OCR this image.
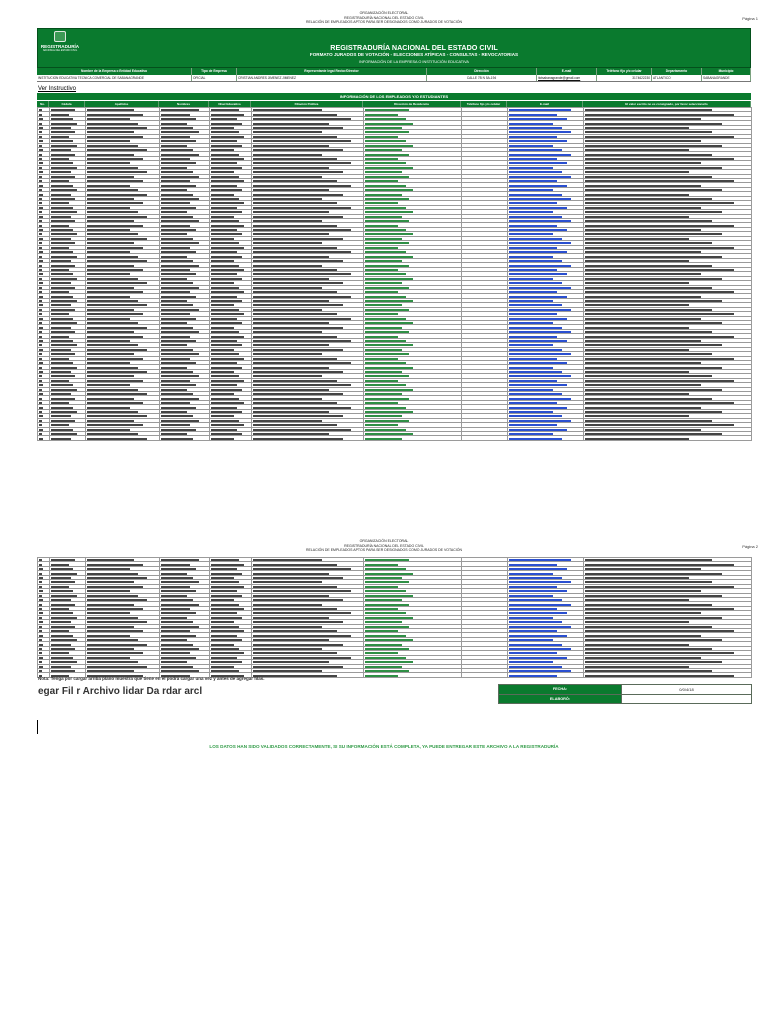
ORGANIZACIÓN ELECTORAL
REGISTRADURÍA NACIONAL DEL ESTADO CIVIL
RELACIÓN DE EMPLEADOS APTOS PARA SER DESIGNADOS COMO JURADOS DE VOTACIÓN
Página 1
REGISTRADURÍA
NACIONAL DEL ESTADO CIVIL	REGISTRADURÍA NACIONAL DEL ESTADO CIVIL
FORMATO JURADOS DE VOTACIÓN - ELECCIONES ATÍPICAS - CONSULTAS - REVOCATORIAS
INFORMACIÓN DE LA EMPRESA O INSTITUCIÓN EDUCATIVA
Nombre de la Empresa o Entidad Educativa	Tipo de Empresa	Representante legal Rector/Director	Dirección	E-mail	Teléfono fijo y/o celular	Departamento	Municipio
INSTITUCION EDUCATIVA TECNICA COMERCIAL DE SABANAGRANDE	OFICIAL	CRISTIAN ANDRES JIMENEZ JIMENEZ	CALLE 7B N 5A-194	itctsabanagrande@gmail.com	3174622230 ATLANTICO	SABANAGRANDE
Ver Instructivo
INFORMACIÓN DE LOS EMPLEADOS Y/O ESTUDIANTES
No.	Cédula	Apellidos	Nombres	Nivel Educativo	Filiación Política	Dirección de Residencia	Teléfono fijo y/o celular	E-mail	El valor escrito no es consignado, por favor seleccionarlo

ORGANIZACIÓN ELECTORAL
REGISTRADURÍA NACIONAL DEL ESTADO CIVIL
RELACIÓN DE EMPLEADOS APTOS PARA SER DESIGNADOS COMO JURADOS DE VOTACIÓN
Página 2

Nota: Tenga por cargar arriba plano muestra que tiene en el podrá cargar una vez y antes de agregar filas.
egar Fil r Archivo lidar Da rdar arcl	FECHA:	0/0/4/18
ELABORÓ:
LOS DATOS HAN SIDO VALIDADOS CORRECTAMENTE, SI SU INFORMACIÓN ESTÁ COMPLETA, YA PUEDE ENTREGAR ESTE ARCHIVO A LA REGISTRADURÍA
